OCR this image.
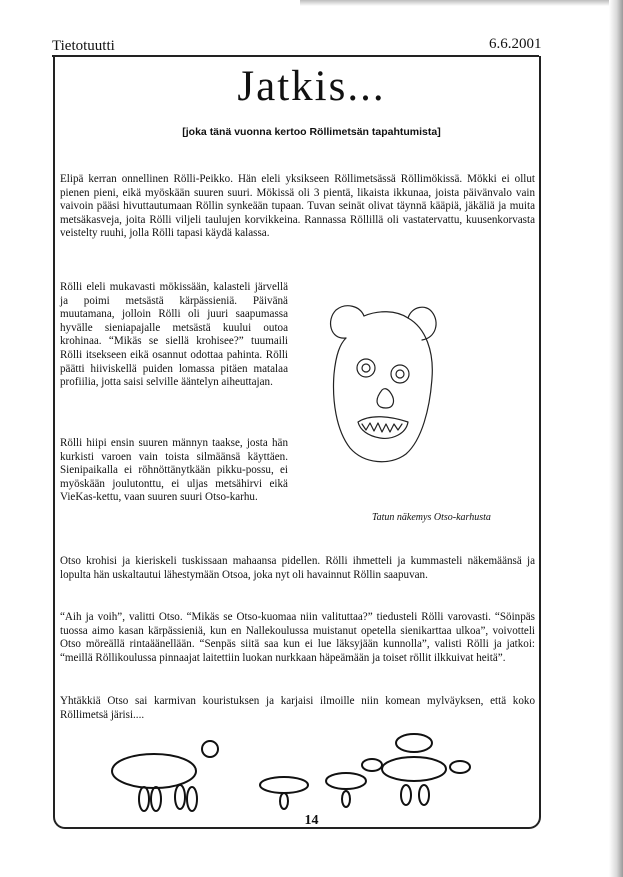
Tietotuutti	6.6.2001
Jatkis...
[joka tänä vuonna kertoo Röllimetsän tapahtumista]

Elipä kerran onnellinen Rölli-Peikko. Hän eleli yksikseen Röllimetsässä Röllimökissä. Mökki ei ollut pienen pieni, eikä myöskään suuren suuri. Mökissä oli 3 pientä, likaista ikkunaa, joista päivänvalo vain vaivoin pääsi hivuttautumaan Röllin synkeään tupaan. Tuvan seinät olivat täynnä kääpiä, jäkäliä ja muita metsäkasveja, joita Rölli viljeli taulujen korvikkeina. Rannassa Röllillä oli vastatervattu, kuusenkorvasta veistelty ruuhi, jolla Rölli tapasi käydä kalassa.

Rölli eleli mukavasti mökissään, kalasteli järvellä ja poimi metsästä kärpässieniä. Päivänä muutamana, jolloin Rölli oli juuri saapumassa hyvälle sieniapajalle metsästä kuului outoa krohinaa. “Mikäs se siellä krohisee?” tuumaili Rölli itsekseen eikä osannut odottaa pahinta. Rölli päätti hiiviskellä puiden lomassa pitäen matalaa profiilia, jotta saisi selville ääntelyn aiheuttajan.

Rölli hiipi ensin suuren männyn taakse, josta hän kurkisti varoen vain toista silmäänsä käyttäen. Sienipaikalla ei röhnöttänytkään pikku-possu, ei myöskään joulutonttu, ei uljas metsähirvi eikä VieKas-kettu, vaan suuren suuri Otso-karhu.

Otso krohisi ja kieriskeli tuskissaan mahaansa pidellen. Rölli ihmetteli ja kummasteli näkemäänsä ja lopulta hän uskaltautui lähestymään Otsoa, joka nyt oli havainnut Röllin saapuvan.

“Aih ja voih”, valitti Otso. “Mikäs se Otso-kuomaa niin valituttaa?” tiedusteli Rölli varovasti. “Söinpäs tuossa aimo kasan kärpässieniä, kun en Nallekoulussa muistanut opetella sienikarttaa ulkoa”, voivotteli Otso möreällä rintaäänellään. “Senpäs siitä saa kun ei lue läksyjään kunnolla”, valisti Rölli ja jatkoi: “meillä Röllikoulussa pinnaajat laitettiin luokan nurkkaan häpeämään ja toiset röllit ilkkuivat heitä”.

Yhtäkkiä Otso sai karmivan kouristuksen ja karjaisi ilmoille niin komean mylväyksen, että koko Röllimetsä järisi....

Tatun näkemys Otso-karhusta
14
